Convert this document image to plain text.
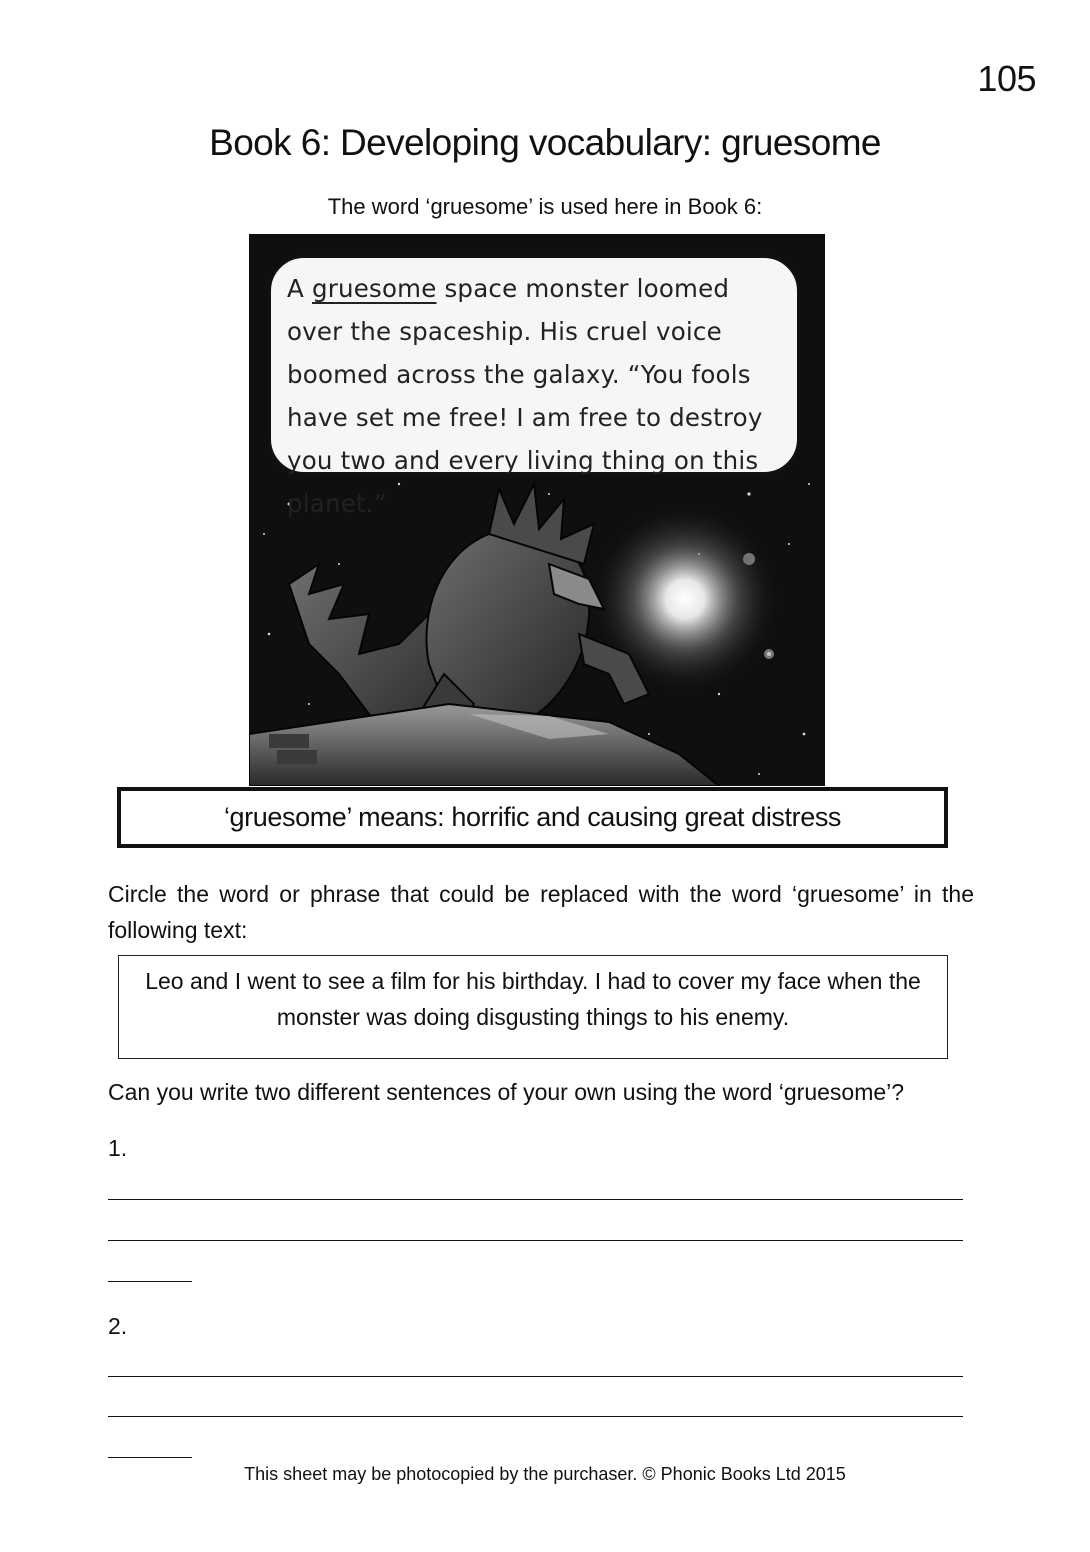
105
Book 6: Developing vocabulary: gruesome
The word ‘gruesome’ is used here in Book 6:

A gruesome space monster loomed over the spaceship. His cruel voice boomed across the galaxy. “You fools have set me free! I am free to destroy you two and every living thing on this planet.”

‘gruesome’ means: horrific and causing great distress
Circle the word or phrase that could be replaced with the word ‘gruesome’ in the following text:
Leo and I went to see a film for his birthday. I had to cover my face when the monster was doing disgusting things to his enemy.
Can you write two different sentences of your own using the word ‘gruesome’?
1.
2.
This sheet may be photocopied by the purchaser. © Phonic Books Ltd 2015
